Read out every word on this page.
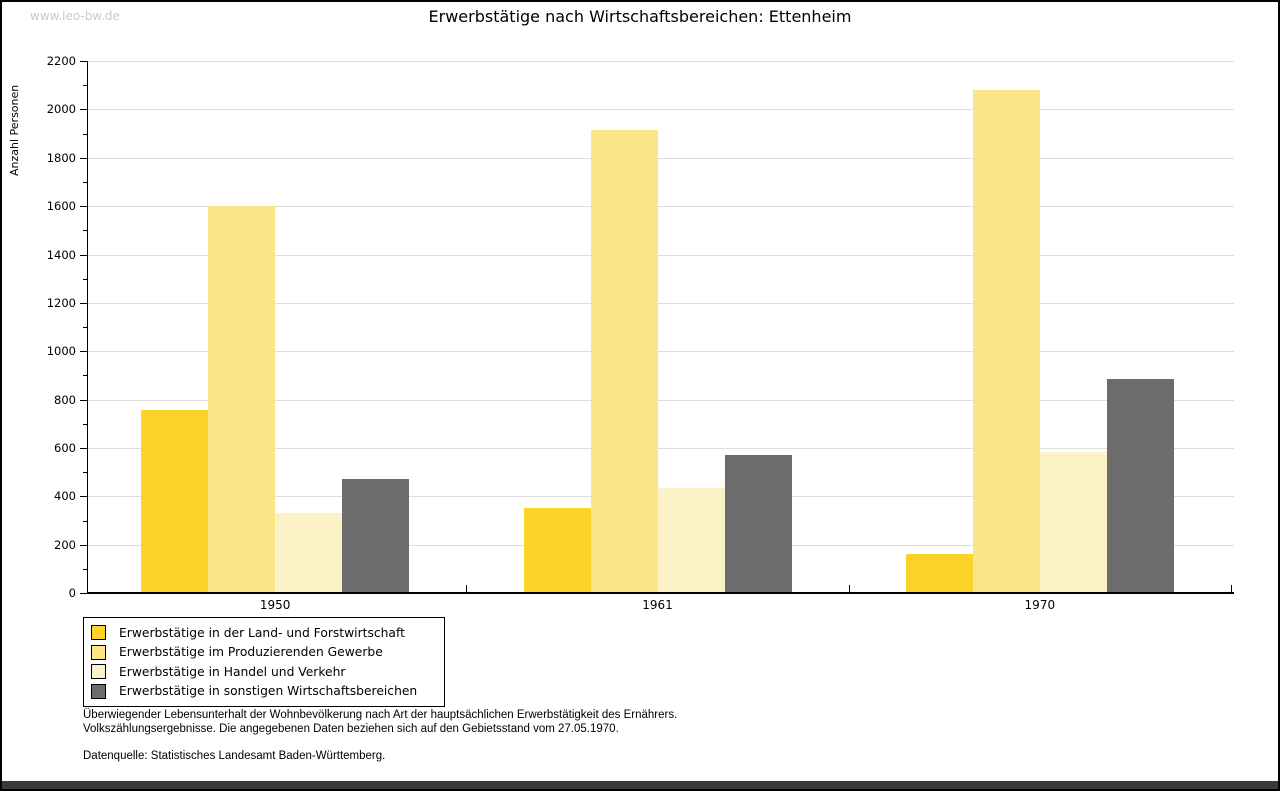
www.leo-bw.de	Erwerbstätige nach Wirtschaftsbereichen: Ettenheim
Anzahl Personen
1950	1961	1970
0
200
400
600
800
1000
1200
1400
1600
1800
2000
2200
Erwerbstätige in der Land- und Forstwirtschaft
Erwerbstätige im Produzierenden Gewerbe
Erwerbstätige in Handel und Verkehr
Erwerbstätige in sonstigen Wirtschaftsbereichen
Überwiegender Lebensunterhalt der Wohnbevölkerung nach Art der hauptsächlichen Erwerbstätigkeit des Ernährers.
Volkszählungsergebnisse. Die angegebenen Daten beziehen sich auf den Gebietsstand vom 27.05.1970.
Datenquelle: Statistisches Landesamt Baden-Württemberg.
